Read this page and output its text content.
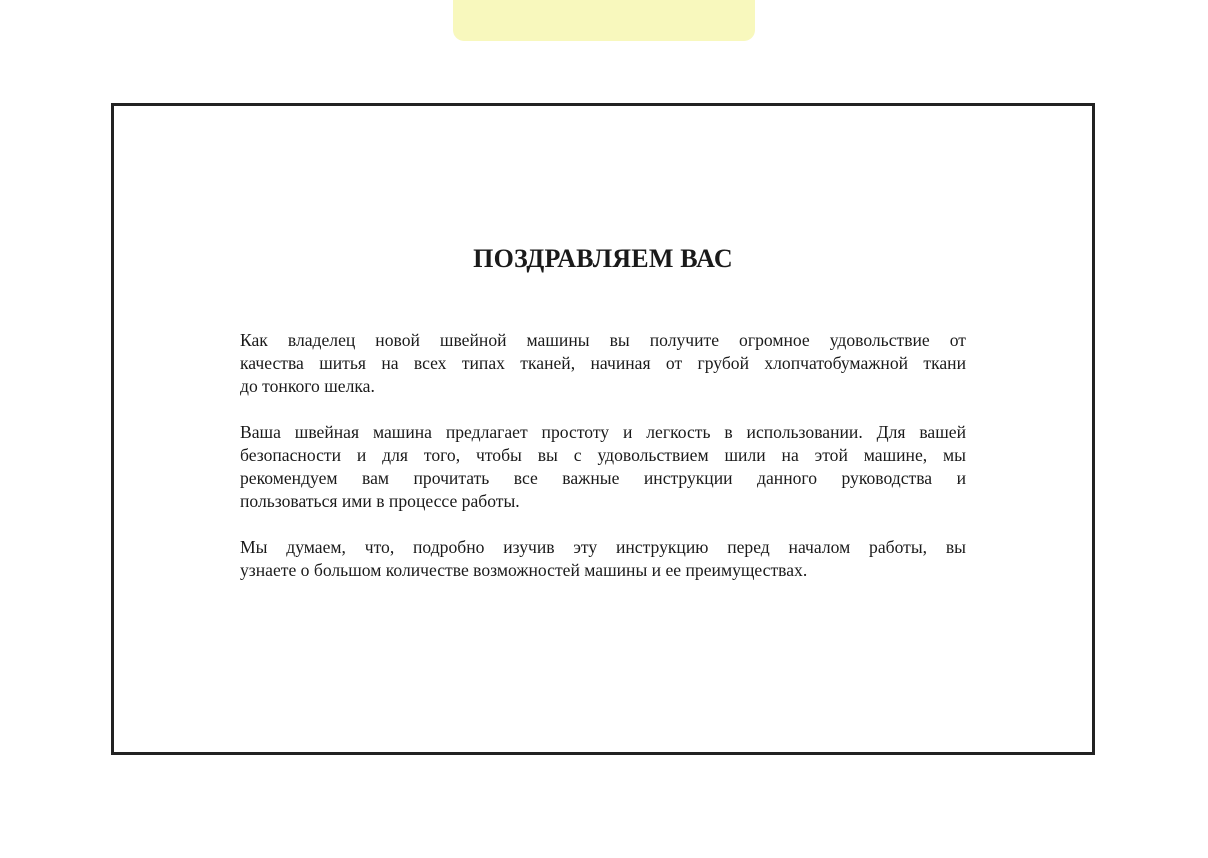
ПОЗДРАВЛЯЕМ ВАС

Как владелец новой швейной машины вы получите огромное удовольствие от
качества шитья на всех типах тканей, начиная от грубой хлопчатобумажной ткани
до тонкого шелка.

Ваша швейная машина предлагает простоту и легкость в использовании. Для вашей
безопасности и для того, чтобы вы с удовольствием шили на этой машине, мы
рекомендуем вам прочитать все важные инструкции данного руководства и
пользоваться ими в процессе работы.

Мы думаем, что, подробно изучив эту инструкцию перед началом работы, вы
узнаете о большом количестве возможностей машины и ее преимуществах.
